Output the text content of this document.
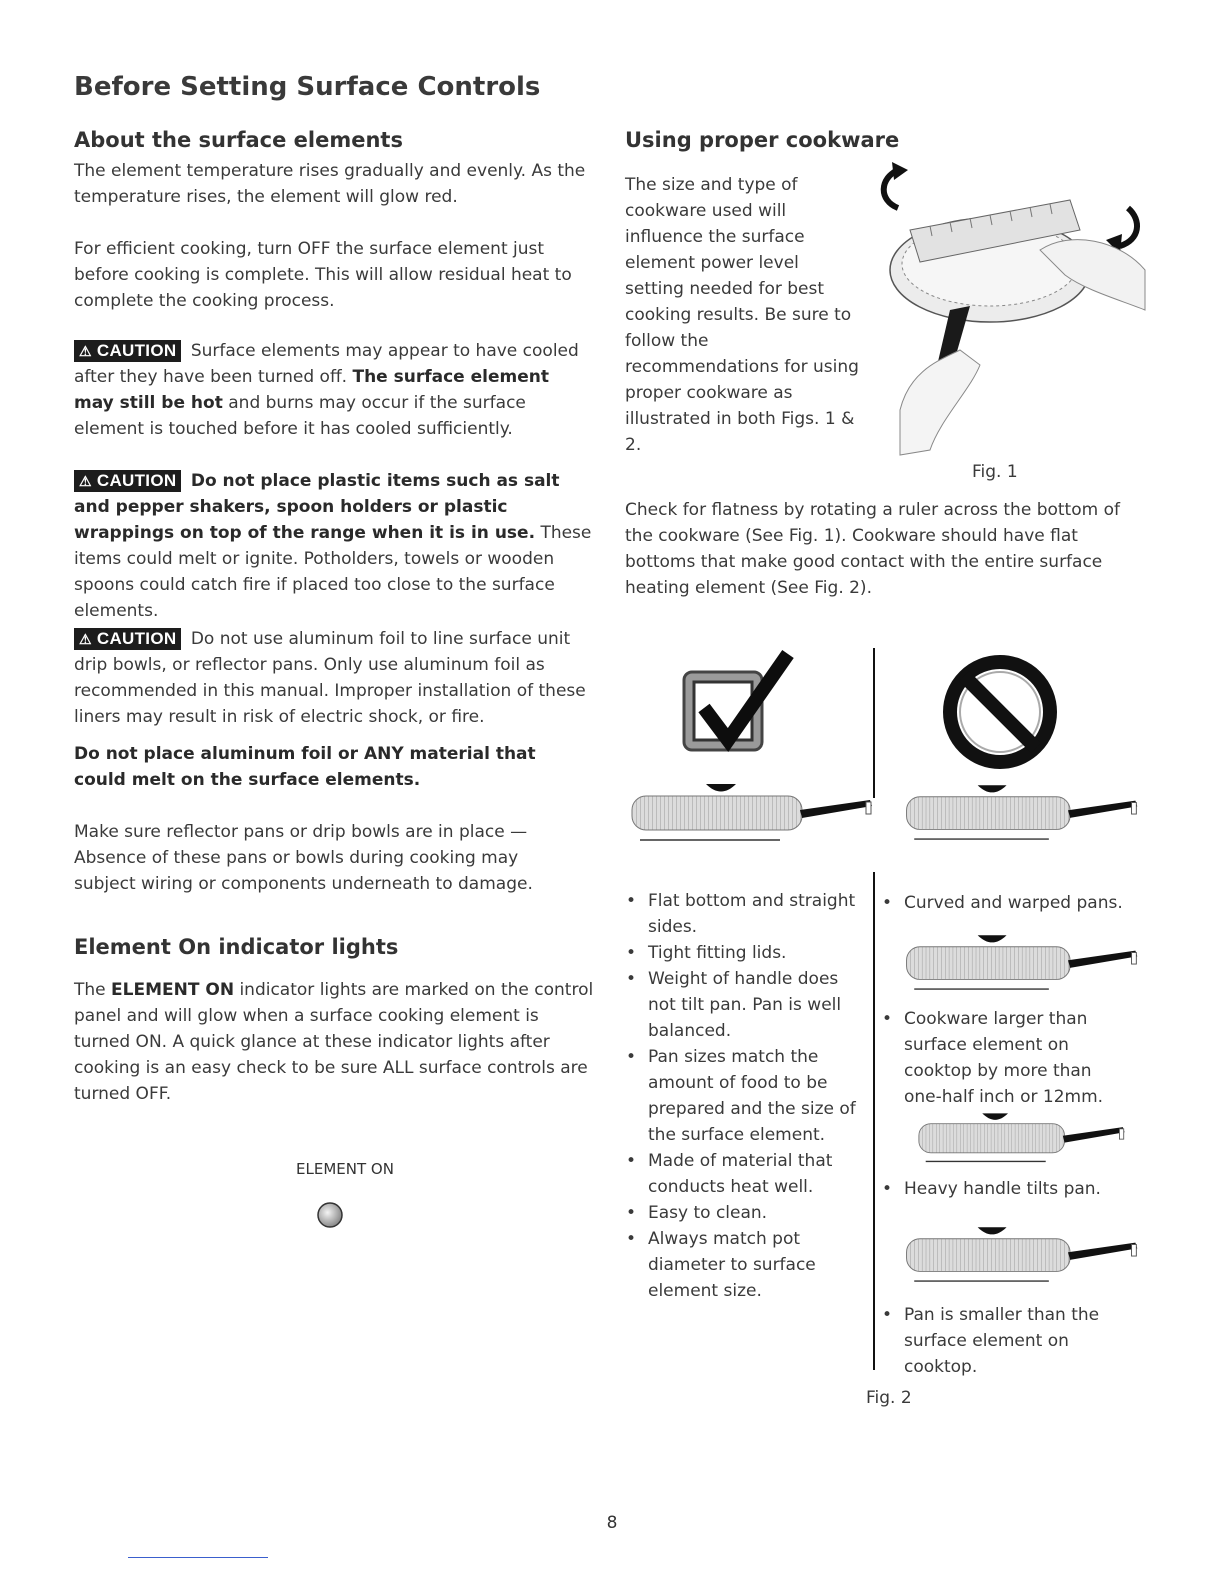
Before Setting Surface Controls
About the surface elements

The element temperature rises gradually and evenly. As the temperature rises, the element will glow red.

For efficient cooking, turn OFF the surface element just before cooking is complete. This will allow residual heat to complete the cooking process.

⚠ CAUTION Surface elements may appear to have cooled after they have been turned off. The surface element may still be hot and burns may occur if the surface element is touched before it has cooled sufficiently.

⚠ CAUTION Do not place plastic items such as salt and pepper shakers, spoon holders or plastic wrappings on top of the range when it is in use. These items could melt or ignite. Potholders, towels or wooden spoons could catch fire if placed too close to the surface elements.

⚠ CAUTION Do not use aluminum foil to line surface unit drip bowls, or reflector pans. Only use aluminum foil as recommended in this manual. Improper installation of these liners may result in risk of electric shock, or fire.

Do not place aluminum foil or ANY material that could melt on the surface elements.

Make sure reflector pans or drip bowls are in place — Absence of these pans or bowls during cooking may subject wiring or components underneath to damage.

Element On indicator lights

The ELEMENT ON indicator lights are marked on the control panel and will glow when a surface cooking element is turned ON. A quick glance at these indicator lights after cooking is an easy check to be sure ALL surface controls are turned OFF.

ELEMENT ON
Using proper cookware

The size and type of cookware used will influence the surface element power level setting needed for best cooking results. Be sure to follow the recommendations for using proper cookware as illustrated in both Figs. 1 & 2.

Fig. 1

Check for flatness by rotating a ruler across the bottom of the cookware (See Fig. 1). Cookware should have flat bottoms that make good contact with the entire surface heating element (See Fig. 2).

• Flat bottom and straight sides.
• Tight fitting lids.
• Weight of handle does not tilt pan. Pan is well balanced.
• Pan sizes match the amount of food to be prepared and the size of the surface element.
• Made of material that conducts heat well.
• Easy to clean.
• Always match pot diameter to surface element size.
• Curved and warped pans.
• Cookware larger than surface element on cooktop by more than one-half inch or 12mm.
• Heavy handle tilts pan.
• Pan is smaller than the surface element on cooktop.
Fig. 2
8
